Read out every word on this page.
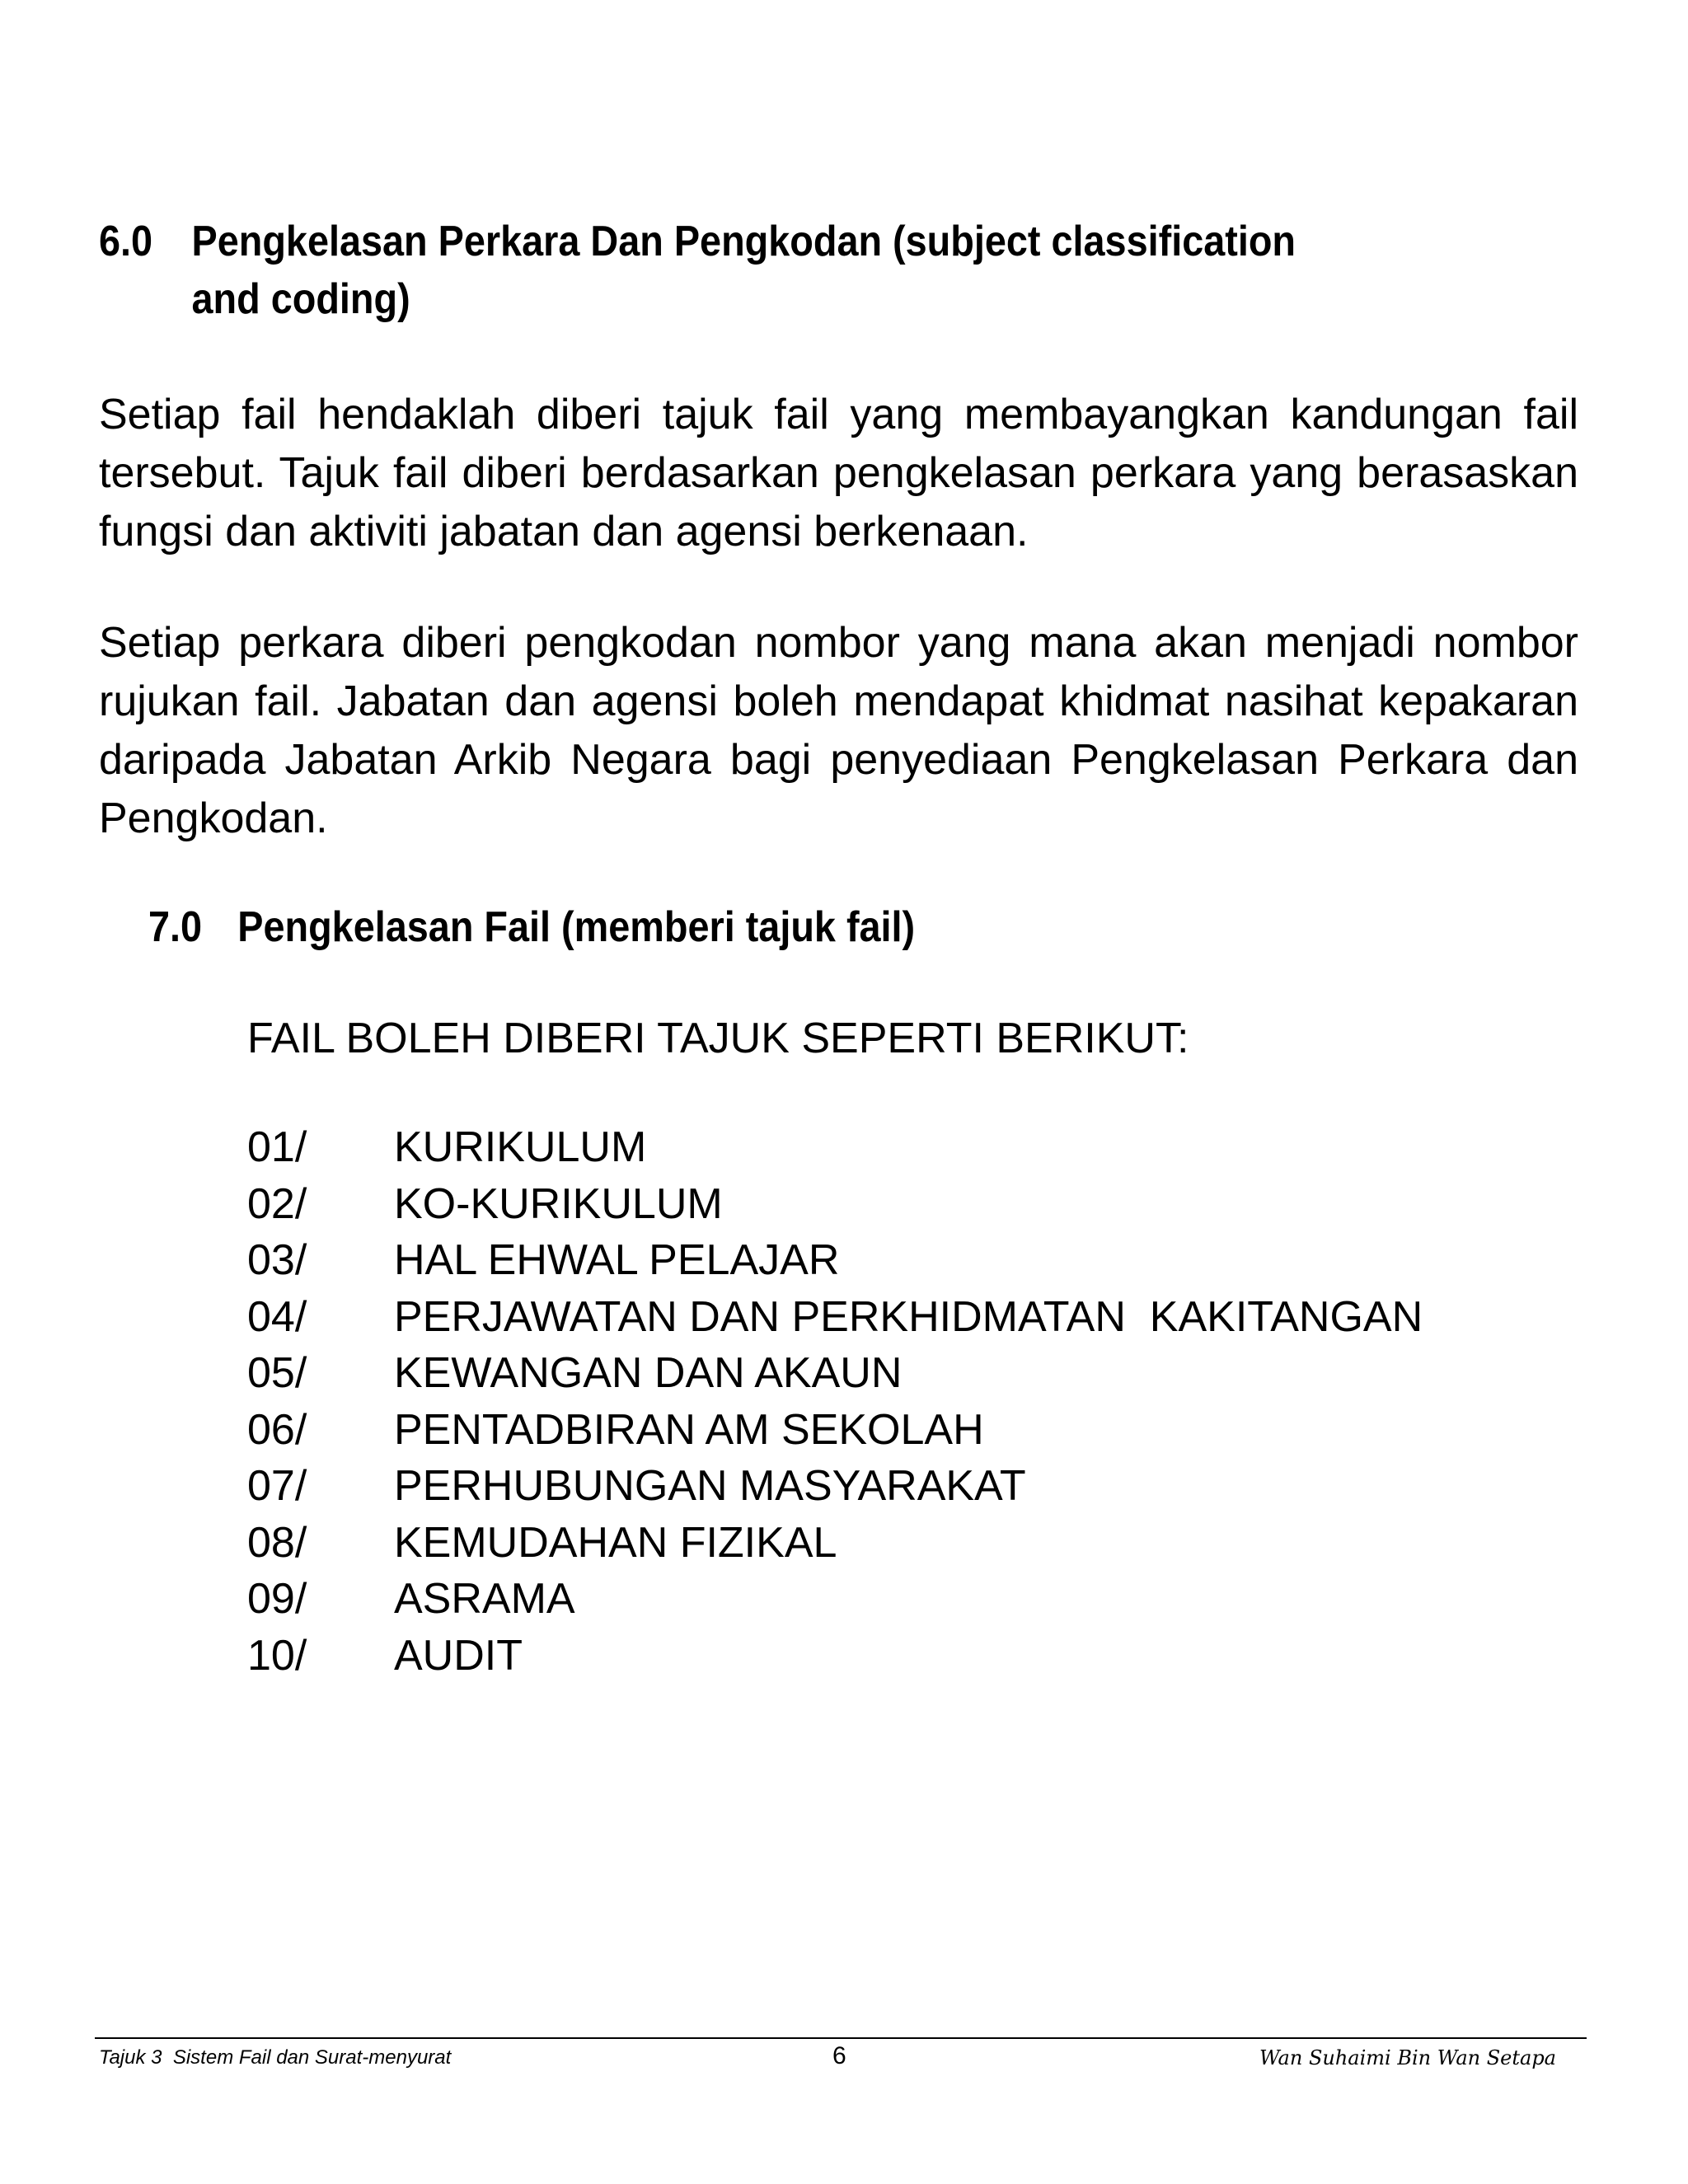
6.0 Pengkelasan Perkara Dan Pengkodan (subject classification and coding)
Setiap fail hendaklah diberi tajuk fail yang membayangkan kandungan fail tersebut. Tajuk fail diberi berdasarkan pengkelasan perkara yang berasaskan fungsi dan aktiviti jabatan dan agensi berkenaan.
Setiap perkara diberi pengkodan nombor yang mana akan menjadi nombor rujukan fail. Jabatan dan agensi boleh mendapat khidmat nasihat kepakaran daripada Jabatan Arkib Negara bagi penyediaan Pengkelasan Perkara dan Pengkodan.
7.0 Pengkelasan Fail (memberi tajuk fail)
FAIL BOLEH DIBERI TAJUK SEPERTI BERIKUT:
01/ KURIKULUM
02/ KO-KURIKULUM
03/ HAL EHWAL PELAJAR
04/ PERJAWATAN DAN PERKHIDMATAN  KAKITANGAN
05/ KEWANGAN DAN AKAUN
06/ PENTADBIRAN AM SEKOLAH
07/ PERHUBUNGAN MASYARAKAT
08/ KEMUDAHAN FIZIKAL
09/ ASRAMA
10/ AUDIT
Tajuk 3  Sistem Fail dan Surat-menyurat	6	Wan Suhaimi Bin Wan Setapa
